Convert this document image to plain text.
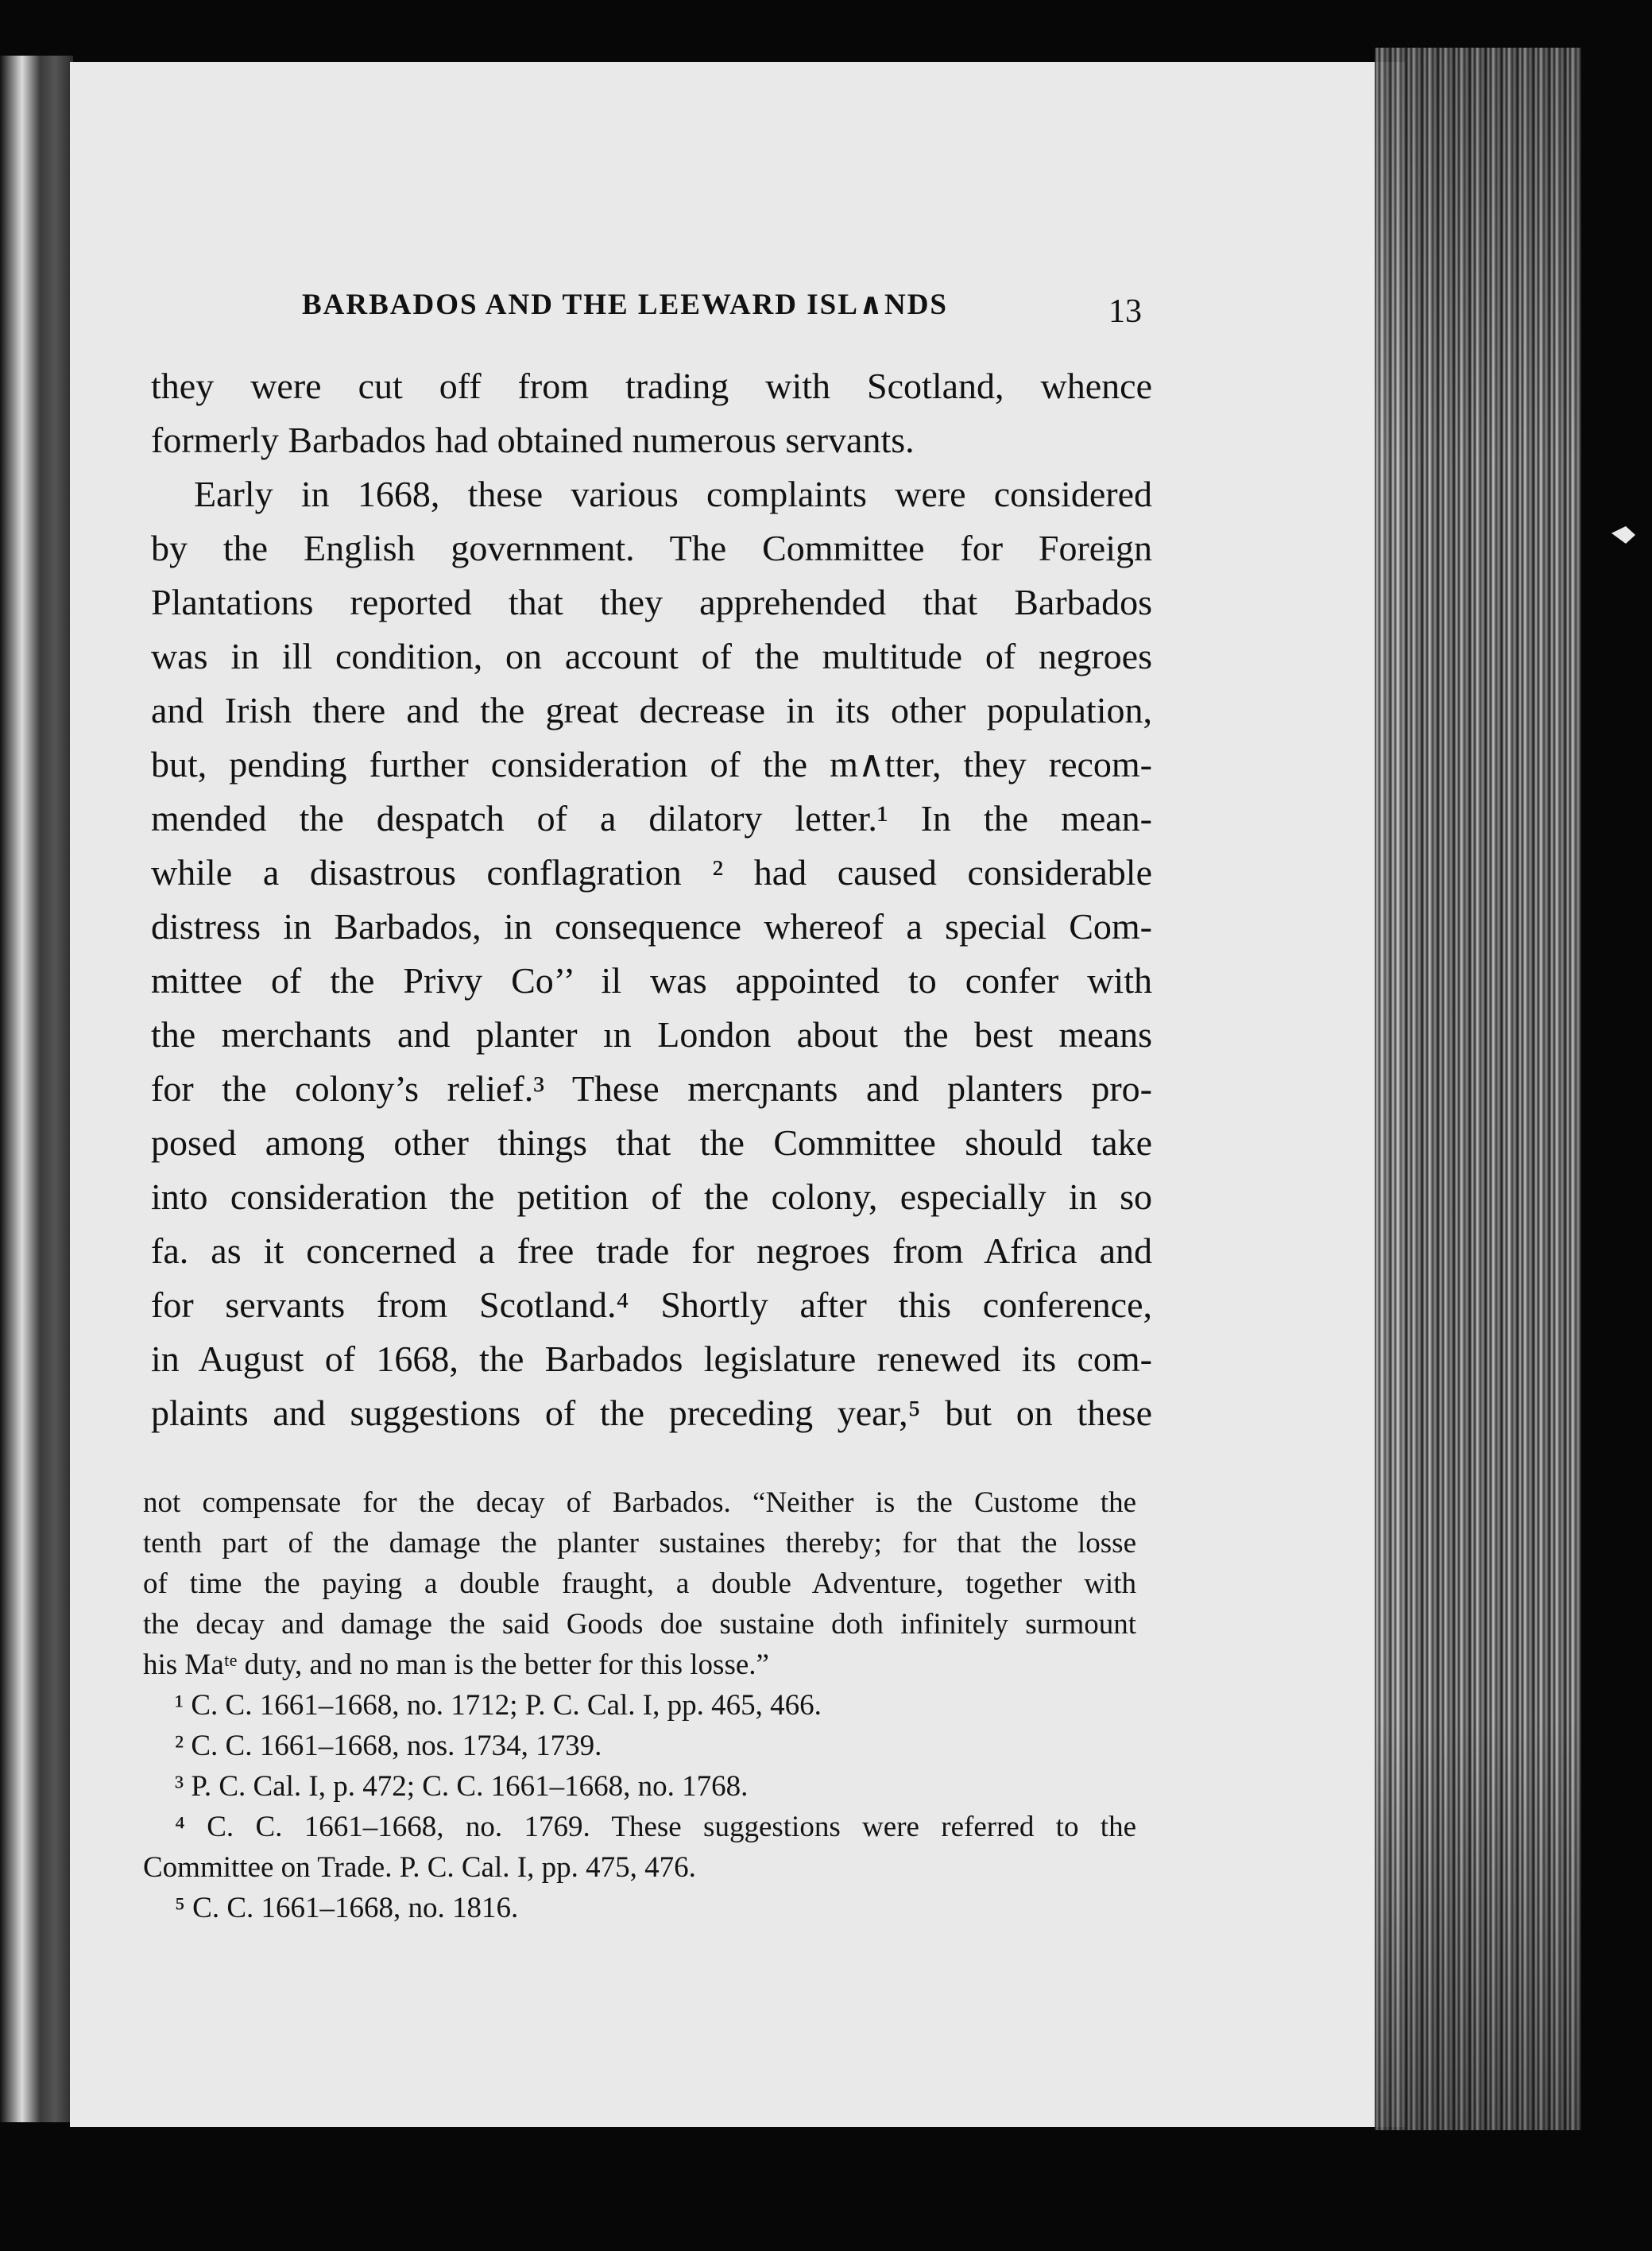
BARBADOS AND THE LEEWARD ISL∧NDS	13
they were cut off from trading with Scotland, whence
formerly Barbados had obtained numerous servants.
Early in 1668, these various complaints were considered
by the English government. The Committee for Foreign
Plantations reported that they apprehended that Barbados
was in ill condition, on account of the multitude of negroes
and Irish there and the great decrease in its other population,
but, pending further consideration of the m∧tter, they recom-
mended the despatch of a dilatory letter.¹ In the mean-
while a disastrous conflagration ² had caused considerable
distress in Barbados, in consequence whereof a special Com-
mittee of the Privy Co’’ il was appointed to confer with
the merchants and planter ın London about the best means
for the colony’s relief.³ These mercɲants and planters pro-
posed among other things that the Committee should take
into consideration the petition of the colony, especially in so
fa. as it concerned a free trade for negroes from Africa and
for servants from Scotland.⁴ Shortly after this conference,
in August of 1668, the Barbados legislature renewed its com-
plaints and suggestions of the preceding year,⁵ but on these
not compensate for the decay of Barbados. “Neither is the Custome the
tenth part of the damage the planter sustaines thereby; for that the losse
of time the paying a double fraught, a double Adventure, together with
the decay and damage the said Goods doe sustaine doth infinitely surmount
his Maᵗᵉ duty, and no man is the better for this losse.”
¹ C. C. 1661–1668, no. 1712; P. C. Cal. I, pp. 465, 466.
² C. C. 1661–1668, nos. 1734, 1739.
³ P. C. Cal. I, p. 472; C. C. 1661–1668, no. 1768.
⁴ C. C. 1661–1668, no. 1769. These suggestions were referred to the
Committee on Trade. P. C. Cal. I, pp. 475, 476.
⁵ C. C. 1661–1668, no. 1816.
